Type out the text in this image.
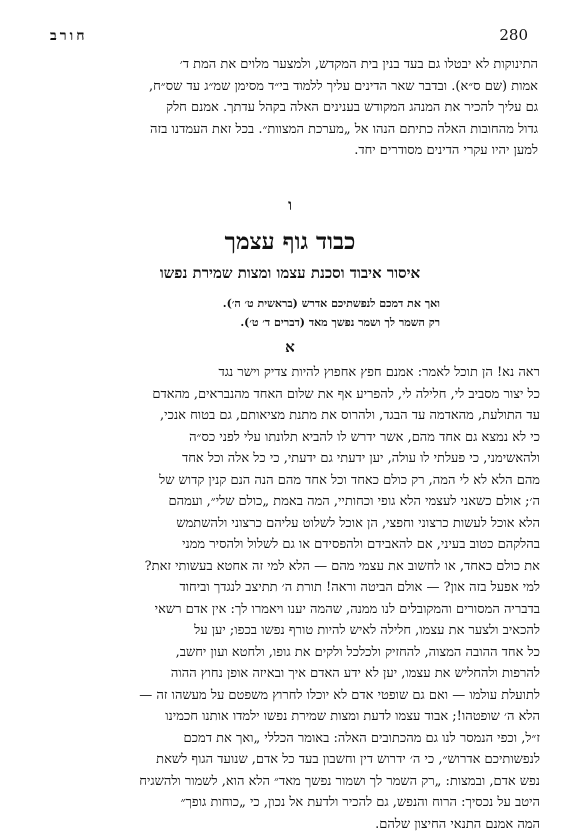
חורב	280
התינוקות לא יבטלו גם בעד בנין בית המקדש, ולמצער מלוים את המת ד׳
אמות (שם ס״א). ובדבר שאר הדינים עליך ללמוד בי״ד מסימן שמ״ג עד שס״ח,
גם עליך להכיר את המנהג המקודש בענינים האלה בקהל עדתך. אמנם חלק
גדול מהחובות האלה כתיתם הנהו אל „מערכת המצוות״. בכל זאת העמדנו בזה
למען יהיו עקרי הדינים מסודרים יחד.
ו
כבוד גוף עצמך
איסור איבוד וסכנת עצמו ומצות שמירת נפשו
ואך את דמכם לנפשתיכם אדרש (בראשית ט׳ ה׳).
רק השמר לך ושמר נפשך מאד (דברים ד׳ ט׳).
א
ראה נא! הן תוכל לאמר: אמנם חפץ אחפוץ להיות צדיק וישר נגד
כל יצור מסביב לי, חלילה לי, להפריע אף את שלום האחד מהנבראים, מהאדם
עד התולעת, מהאדמה עד הבגד, ולהרוס את מתנת מציאותם, גם בטוח אנכי,
כי לא נמצא גם אחד מהם, אשר ידרש לו להביא תלונתו עלי לפני כס״ה
ולהאשימני, כי פעלתי לו עולה, יען ידעתי גם ידעתי, כי כל אלה וכל אחד
מהם הלא לא לי המה, רק כולם כאחד וכל אחד מהם הנה הנם קנין קדוש של
ה׳; אולם כשאני לעצמי הלא גופי וכחותיי, המה באמת „כולם שלי״, ועמהם
הלא אוכל לעשות כרצוני וחפצי, הן אוכל לשלוט עליהם כרצוני ולהשתמש
בהלקהם כטוב בעיני, אם להאבידם ולהפסידם או גם לשלול ולהסיר ממני
את כולם כאחד, או לחשוב את עצמי מהם — הלא למי זה אחטא בעשותי זאת?
למי אפעל בזה און? — אולם הביטה וראה! תורת ה׳ תתיצב לנגדך וביחוד
בדבריה המסורים והמקובלים לנו ממנה, שהמה יענו ויאמרו לך: אין אדם רשאי
להכאיב ולצער את עצמו, חלילה לאיש להיות טורף נפשו בכפו; יען על
כל אחד ההובה המצוה, להחזיק ולכלכל ולקים את גופו, ולחטא ועון יחשב,
להרפות ולהחליש את עצמו, יען לא ידע האדם איך ובאיזה אופן נחוץ ההוה
לתועלת עולמו — ואם גם שופטי אדם לא יוכלו לחרוץ משפטם על מעשהו זה —
הלא ה׳ שופטהו!; אבוד עצמו לדעת ומצות שמירת נפשו ילמדו אותנו חכמינו
ז״ל, וכפי הנמסר לנו גם מהכתובים האלה: באומר הכללי „ואך את דמכם
לנפשותיכם אדרוש״, כי ה׳ ידרוש דין וחשבון בעד כל אדם, שנועד הגוף לשאת
נפש אדם, ובמצות: „רק השמר לך ושמור נפשך מאד״ הלא הוא, לשמור ולהשגיח
היטב על נכסיך: הרוח והנפש, גם להכיר ולדעת אל נכון, כי „כוחות גופך״
המה אמנם התנאי החיצון שלהם.
